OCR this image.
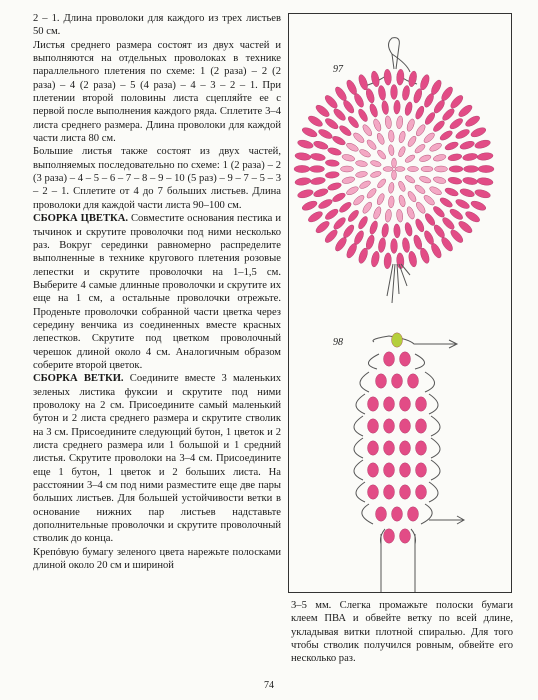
2 – 1. Длина проволоки для каждого из трех листьев 50 см.

Листья среднего размера состоят из двух частей и выполняются на отдельных проволоках в технике параллельного плетения по схеме: 1 (2 раза) – 2 (2 раза) – 4 (2 раза) – 5 (4 раза) – 4 – 3 – 2 – 1. При плетении второй половины листа сцепляйте ее с первой после выполнения каждого ряда. Сплетите 3–4 листа среднего размера. Длина проволоки для каждой части листа 80 см.

Большие листья также состоят из двух частей, выполняемых последовательно по схеме: 1 (2 раза) – 2 (3 раза) – 4 – 5 – 6 – 7 – 8 – 9 – 10 (5 раз) – 9 – 7 – 5 – 3 – 2 – 1. Сплетите от 4 до 7 больших листьев. Длина проволоки для каждой части листа 90–100 см.

СБОРКА ЦВЕТКА. Совместите основания пестика и тычинок и скрутите проволочки под ними несколько раз. Вокруг серединки равномерно распределите выполненные в технике кругового плетения розовые лепестки и скрутите проволочки на 1–1,5 см. Выберите 4 самые длинные проволочки и скрутите их еще на 1 см, а остальные проволочки отрежьте. Проденьте проволочки собранной части цветка через середину венчика из соединенных вместе красных лепестков. Скрутите под цветком проволочный черешок длиной около 4 см. Аналогичным образом соберите второй цветок.

СБОРКА ВЕТКИ. Соедините вместе 3 маленьких зеленых листика фуксии и скрутите под ними проволоку на 2 см. Присоедините самый маленький бутон и 2 листа среднего размера и скрутите стволик на 3 см. Присоедините следующий бутон, 1 цветок и 2 листа среднего размера или 1 большой и 1 средний листья. Скрутите проволоки на 3–4 см. Присоедините еще 1 бутон, 1 цветок и 2 больших листа. На расстоянии 3–4 см под ними разместите еще две пары больших листьев. Для большей устойчивости ветки в основание нижних пар листьев надставьте дополнительные проволочки и скрутите проволочный стволик до конца.

Крепóвую бумагу зеленого цвета нарежьте полосками длиной около 20 см и шириной

97
98
3–5 мм. Слегка промажьте полоски бумаги клеем ПВА и обвейте ветку по всей длине, укладывая витки плотной спиралью. Для того чтобы стволик получился ровным, обвейте его несколько раз.
74
